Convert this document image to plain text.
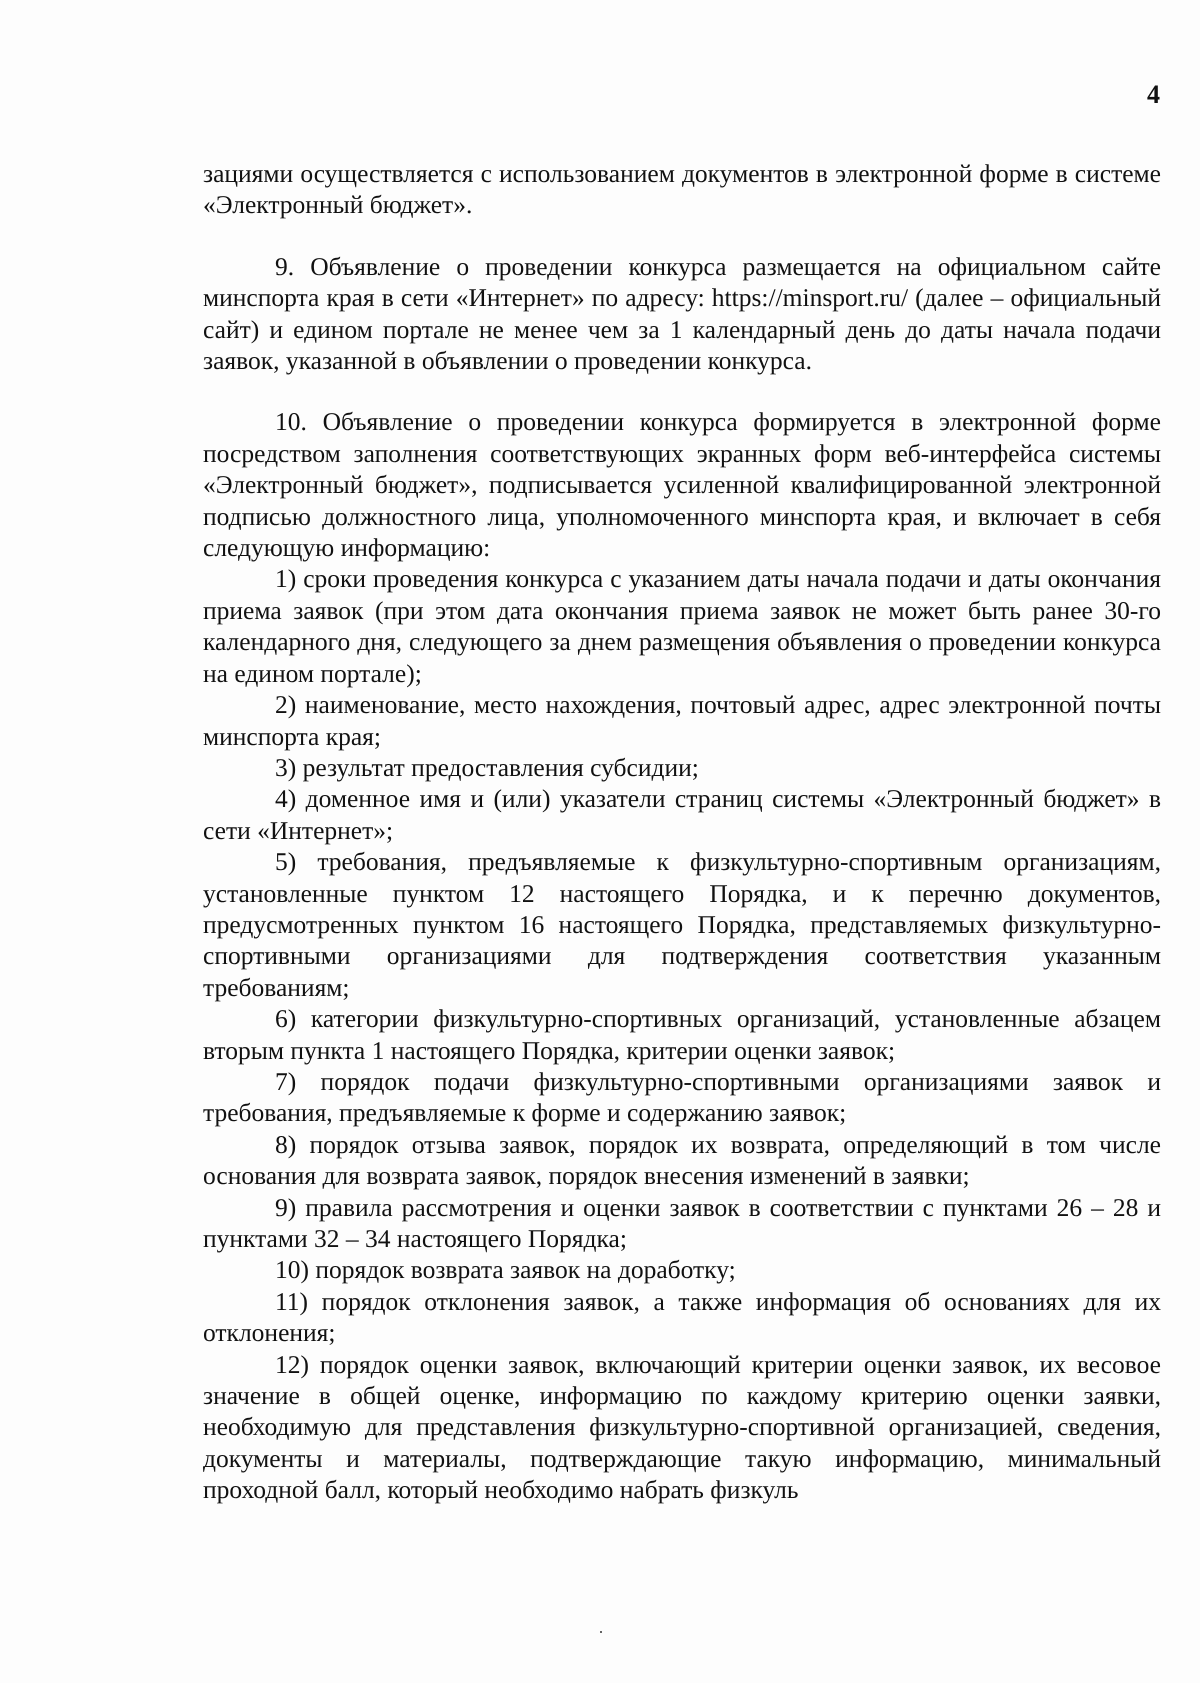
4

зациями осуществляется с использованием документов в электронной форме в системе «Электронный бюджет».

9. Объявление о проведении конкурса размещается на официальном сайте минспорта края в сети «Интернет» по адресу: https://minsport.ru/ (далее – официальный сайт) и едином портале не менее чем за 1 календарный день до даты начала подачи заявок, указанной в объявлении о проведении конкурса.

10. Объявление о проведении конкурса формируется в электронной форме посредством заполнения соответствующих экранных форм веб-интерфейса системы «Электронный бюджет», подписывается усиленной квалифицированной электронной подписью должностного лица, уполномоченного минспорта края, и включает в себя следующую информацию:

1) сроки проведения конкурса с указанием даты начала подачи и даты окончания приема заявок (при этом дата окончания приема заявок не может быть ранее 30-го календарного дня, следующего за днем размещения объявления о проведении конкурса на едином портале);

2) наименование, место нахождения, почтовый адрес, адрес электронной почты минспорта края;

3) результат предоставления субсидии;

4) доменное имя и (или) указатели страниц системы «Электронный бюджет» в сети «Интернет»;

5) требования, предъявляемые к физкультурно-спортивным организациям, установленные пунктом 12 настоящего Порядка, и к перечню документов, предусмотренных пунктом 16 настоящего Порядка, представляемых физкультурно-спортивными организациями для подтверждения соответствия указанным требованиям;

6) категории физкультурно-спортивных организаций, установленные абзацем вторым пункта 1 настоящего Порядка, критерии оценки заявок;

7) порядок подачи физкультурно-спортивными организациями заявок и требования, предъявляемые к форме и содержанию заявок;

8) порядок отзыва заявок, порядок их возврата, определяющий в том числе основания для возврата заявок, порядок внесения изменений в заявки;

9) правила рассмотрения и оценки заявок в соответствии с пунктами 26 – 28 и пунктами 32 – 34 настоящего Порядка;

10) порядок возврата заявок на доработку;

11) порядок отклонения заявок, а также информация об основаниях для их отклонения;

12) порядок оценки заявок, включающий критерии оценки заявок, их весовое значение в общей оценке, информацию по каждому критерию оценки заявки, необходимую для представления физкультурно-спортивной организацией, сведения, документы и материалы, подтверждающие такую информацию, минимальный проходной балл, который необходимо набрать физкуль
